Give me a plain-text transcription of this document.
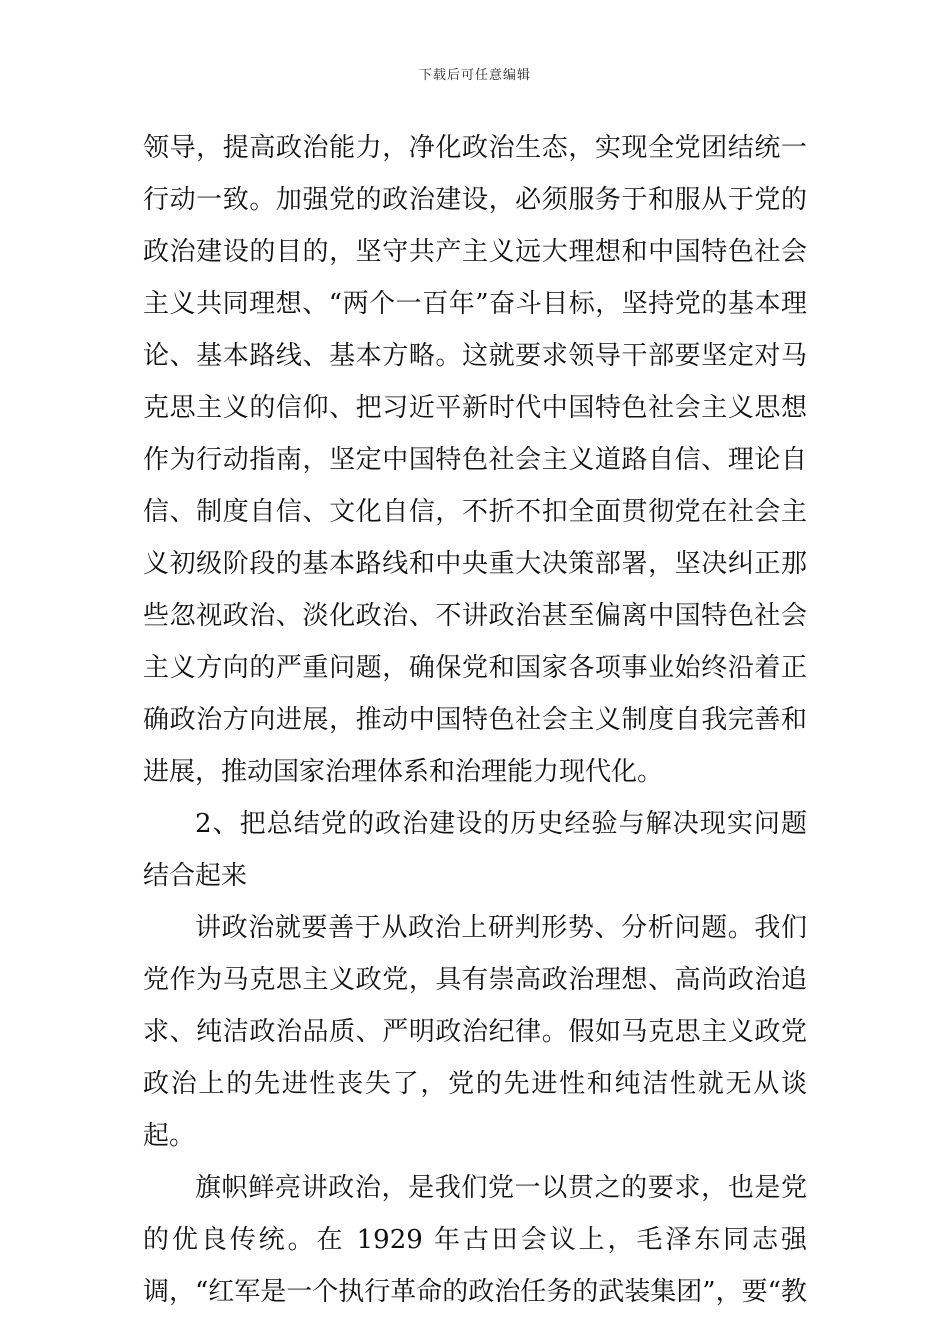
下载后可任意编辑

领导，提高政治能力，净化政治生态，实现全党团结统一行动一致。加强党的政治建设，必须服务于和服从于党的政治建设的目的，坚守共产主义远大理想和中国特色社会主义共同理想、“两个一百年”奋斗目标，坚持党的基本理论、基本路线、基本方略。这就要求领导干部要坚定对马克思主义的信仰、把习近平新时代中国特色社会主义思想作为行动指南，坚定中国特色社会主义道路自信、理论自信、制度自信、文化自信，不折不扣全面贯彻党在社会主义初级阶段的基本路线和中央重大决策部署，坚决纠正那些忽视政治、淡化政治、不讲政治甚至偏离中国特色社会主义方向的严重问题，确保党和国家各项事业始终沿着正确政治方向进展，推动中国特色社会主义制度自我完善和进展，推动国家治理体系和治理能力现代化。

2、把总结党的政治建设的历史经验与解决现实问题结合起来

讲政治就要善于从政治上研判形势、分析问题。我们党作为马克思主义政党，具有崇高政治理想、高尚政治追求、纯洁政治品质、严明政治纪律。假如马克思主义政党政治上的先进性丧失了，党的先进性和纯洁性就无从谈起。

旗帜鲜亮讲政治，是我们党一以贯之的要求，也是党的优良传统。在 1929 年古田会议上，毛泽东同志强调，“红军是一个执行革命的政治任务的武装集团”，要“教
